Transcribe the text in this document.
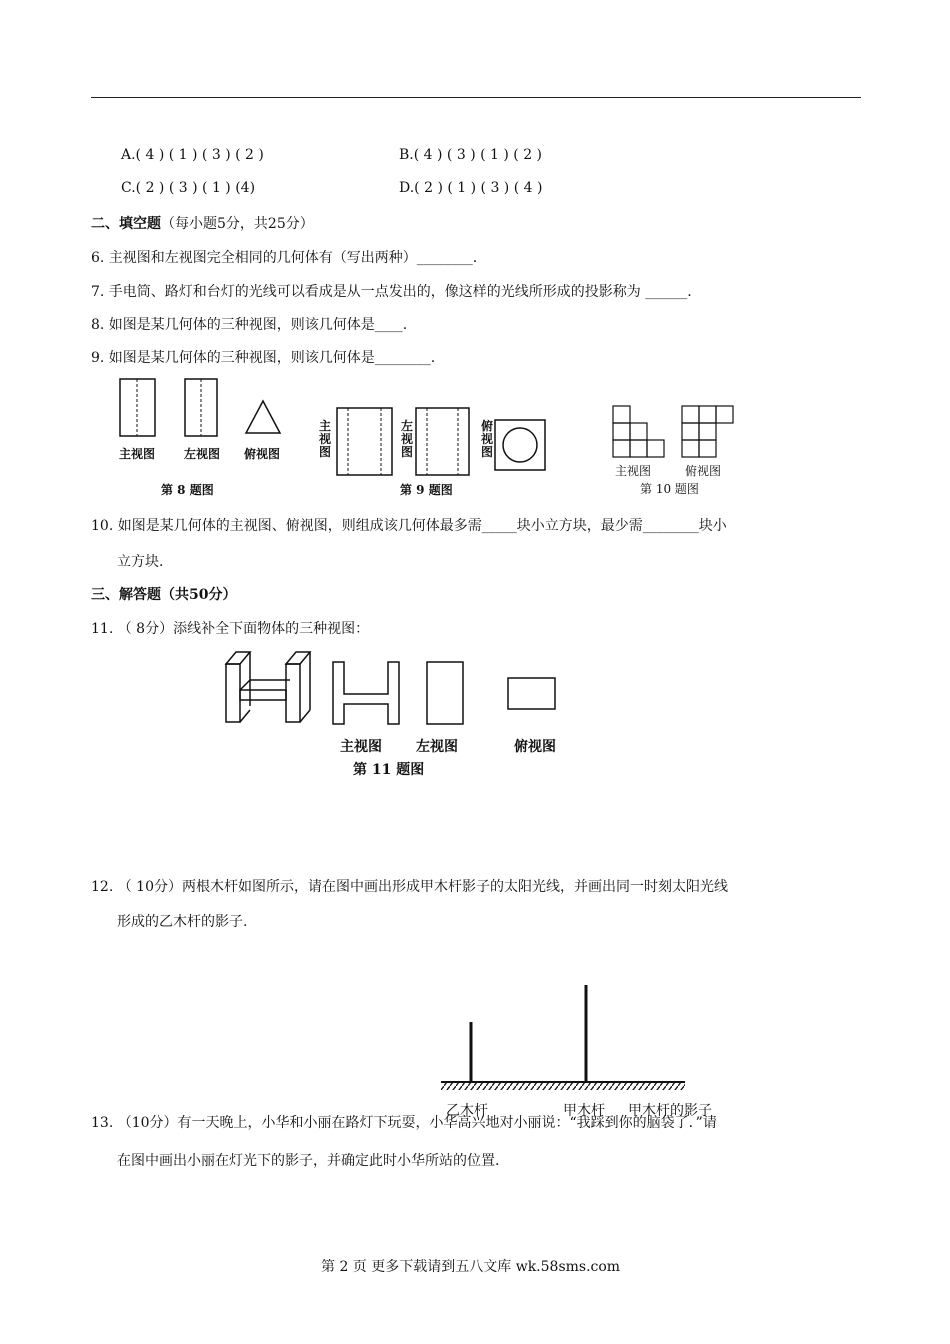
A.( 4 ) ( 1 ) ( 3 ) ( 2 )	B.( 4 ) ( 3 ) ( 1 ) ( 2 )
C.( 2 ) ( 3 ) ( 1 ) (4)	D.( 2 ) ( 1 ) ( 3 ) ( 4 )
二、填空题（每小题5分，共25分）
6. 主视图和左视图完全相同的几何体有（写出两种）________.
7. 手电筒、路灯和台灯的光线可以看成是从一点发出的，像这样的光线所形成的投影称为 ______.
8. 如图是某几何体的三种视图，则该几何体是____.
9. 如图是某几何体的三种视图，则该几何体是________.
主视图 左视图 俯视图
第 8 题图
主视图
左视图
俯视图
第 9 题图
主视图	俯视图
第 10 题图
10. 如图是某几何体的主视图、俯视图，则组成该几何体最多需_____块小立方块，最少需________块小
立方块.
三、解答题（共50分）
11. （ 8分）添线补全下面物体的三种视图：
主视图 左视图	俯视图
第 11 题图
12. （ 10分）两根木杆如图所示，请在图中画出形成甲木杆影子的太阳光线，并画出同一时刻太阳光线
形成的乙木杆的影子.
13. （10分）有一天晚上，小华和小丽在路灯下玩耍，小华高兴地对小丽说：“我踩到你的脑袋了．”请
在图中画出小丽在灯光下的影子，并确定此时小华所站的位置.
乙木杆	甲木杆 甲木杆的影子
第 2 页 更多下载请到五八文库 wk.58sms.com
